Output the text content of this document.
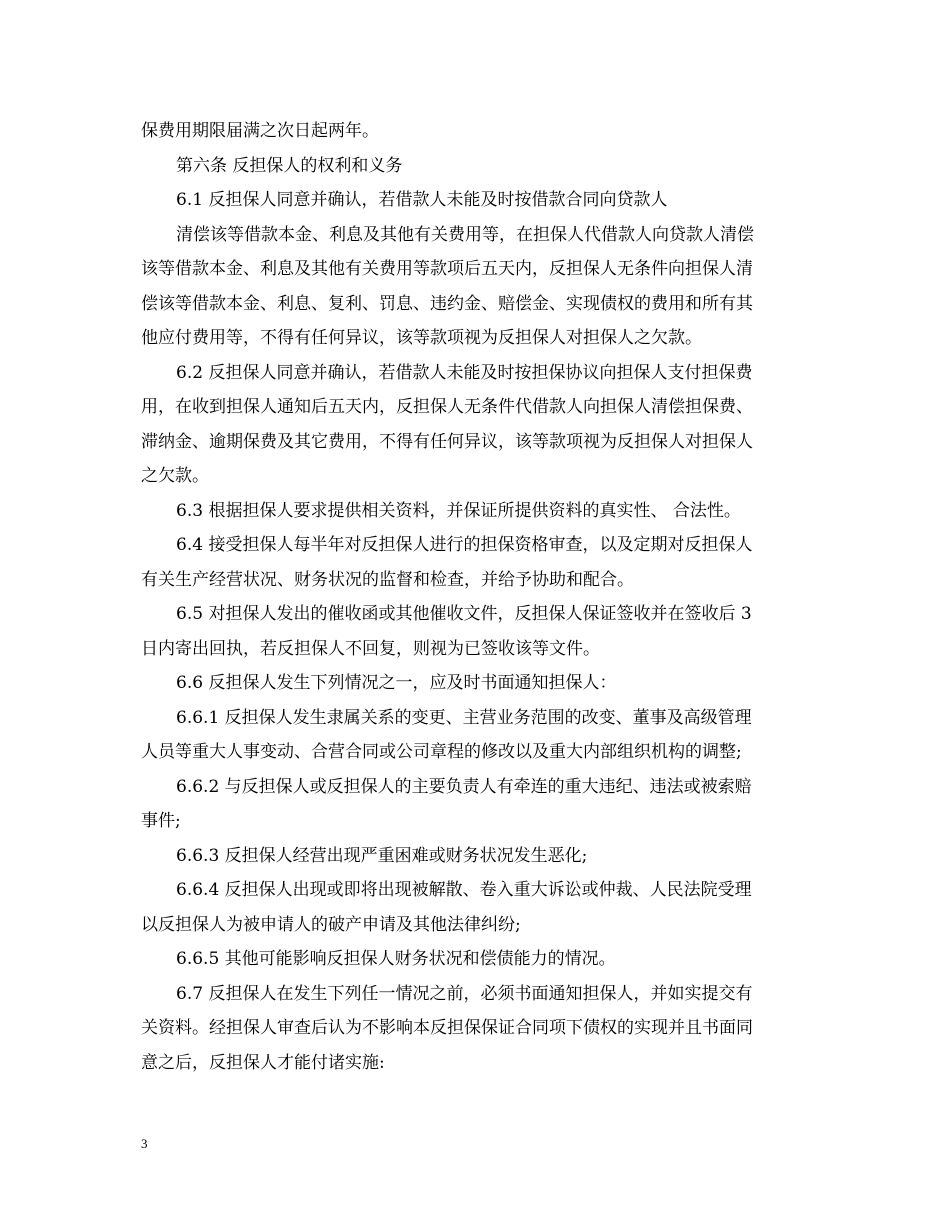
保费用期限届满之次日起两年。
第六条 反担保人的权利和义务
6.1 反担保人同意并确认，若借款人未能及时按借款合同向贷款人
清偿该等借款本金、利息及其他有关费用等，在担保人代借款人向贷款人清偿
该等借款本金、利息及其他有关费用等款项后五天内，反担保人无条件向担保人清
偿该等借款本金、利息、复利、罚息、违约金、赔偿金、实现债权的费用和所有其
他应付费用等，不得有任何异议，该等款项视为反担保人对担保人之欠款。
6.2 反担保人同意并确认，若借款人未能及时按担保协议向担保人支付担保费
用，在收到担保人通知后五天内，反担保人无条件代借款人向担保人清偿担保费、
滞纳金、逾期保费及其它费用，不得有任何异议，该等款项视为反担保人对担保人
之欠款。
6.3 根据担保人要求提供相关资料，并保证所提供资料的真实性、 合法性。
6.4 接受担保人每半年对反担保人进行的担保资格审查，以及定期对反担保人
有关生产经营状况、财务状况的监督和检查，并给予协助和配合。
6.5 对担保人发出的催收函或其他催收文件，反担保人保证签收并在签收后 3
日内寄出回执，若反担保人不回复，则视为已签收该等文件。
6.6 反担保人发生下列情况之一，应及时书面通知担保人：
6.6.1 反担保人发生隶属关系的变更、主营业务范围的改变、董事及高级管理
人员等重大人事变动、合营合同或公司章程的修改以及重大内部组织机构的调整;
6.6.2 与反担保人或反担保人的主要负责人有牵连的重大违纪、违法或被索赔
事件;
6.6.3 反担保人经营出现严重困难或财务状况发生恶化;
6.6.4 反担保人出现或即将出现被解散、卷入重大诉讼或仲裁、人民法院受理
以反担保人为被申请人的破产申请及其他法律纠纷;
6.6.5 其他可能影响反担保人财务状况和偿债能力的情况。
6.7 反担保人在发生下列任一情况之前，必须书面通知担保人，并如实提交有
关资料。经担保人审查后认为不影响本反担保保证合同项下债权的实现并且书面同
意之后，反担保人才能付诸实施:
3
